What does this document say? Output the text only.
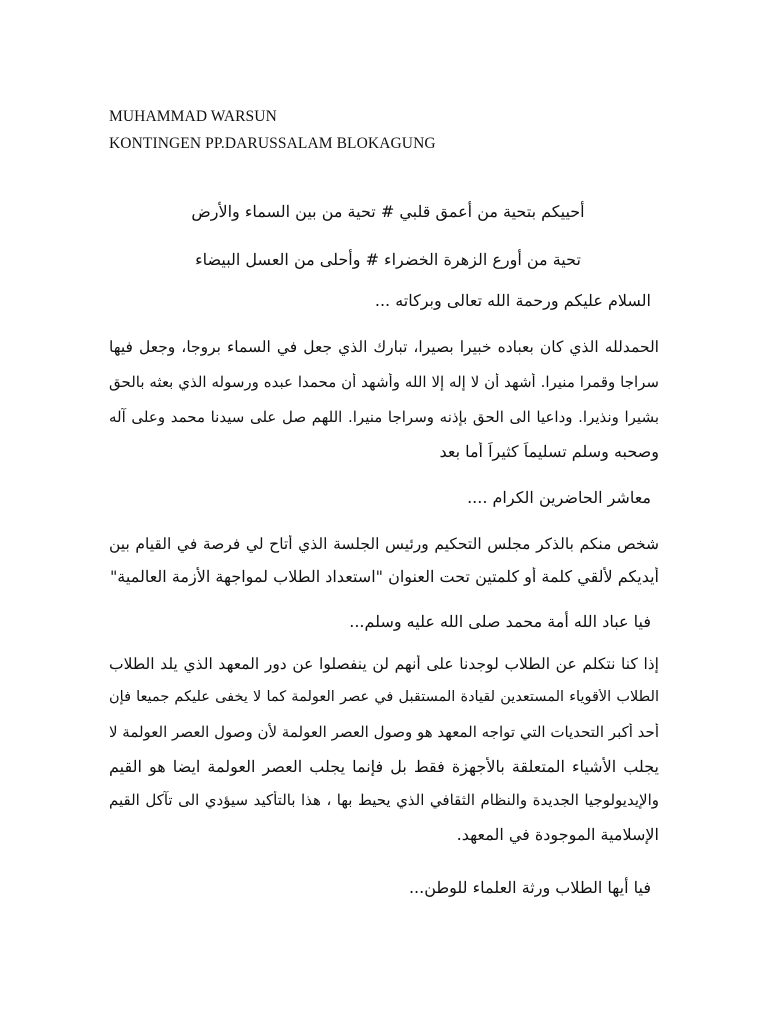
MUHAMMAD WARSUN
KONTINGEN PP.DARUSSALAM BLOKAGUNG
أحييكم بتحية من أعمق قلبي # تحية من بين السماء والأرض
تحية من أورع الزهرة الخضراء # وأحلى من العسل البيضاء
السلام عليكم ورحمة الله تعالى وبركاته ...
الحمدلله الذي كان بعباده خبيرا بصيرا، تبارك الذي جعل في السماء بروجا، وجعل فيها
سراجا وقمرا منيرا. أشهد أن لا إله إلا الله وأشهد أن محمدا عبده ورسوله الذي بعثه بالحق
بشيرا ونذيرا. وداعيا الى الحق بإذنه وسراجا منيرا. اللهم صل على سيدنا محمد وعلى آله
وصحبه وسلم تسليماً كثيراً أما بعد
معاشر الحاضرين الكرام ....
شخص منكم بالذكر مجلس التحكيم ورئيس الجلسة الذي أتاح لي فرصة في القيام بين
أيديكم لألقي كلمة أو كلمتين تحت العنوان "استعداد الطلاب لمواجهة الأزمة العالمية"
فيا عباد الله أمة محمد صلى الله عليه وسلم...
إذا كنا نتكلم عن الطلاب لوجدنا على أنهم لن ينفصلوا عن دور المعهد الذي يلد الطلاب
الطلاب الأقوياء المستعدين لقيادة المستقبل في عصر العولمة كما لا يخفى عليكم جميعا فإن
أحد أكبر التحديات التي تواجه المعهد هو وصول العصر العولمة لأن وصول العصر العولمة لا
يجلب الأشياء المتعلقة بالأجهزة فقط بل فإنما يجلب العصر العولمة ايضا هو القيم
والإيديولوجيا الجديدة والنظام الثقافي الذي يحيط بها ، هذا بالتأكيد سيؤدي الى تآكل القيم
الإسلامية الموجودة في المعهد.
فيا أيها الطلاب ورثة العلماء للوطن...
